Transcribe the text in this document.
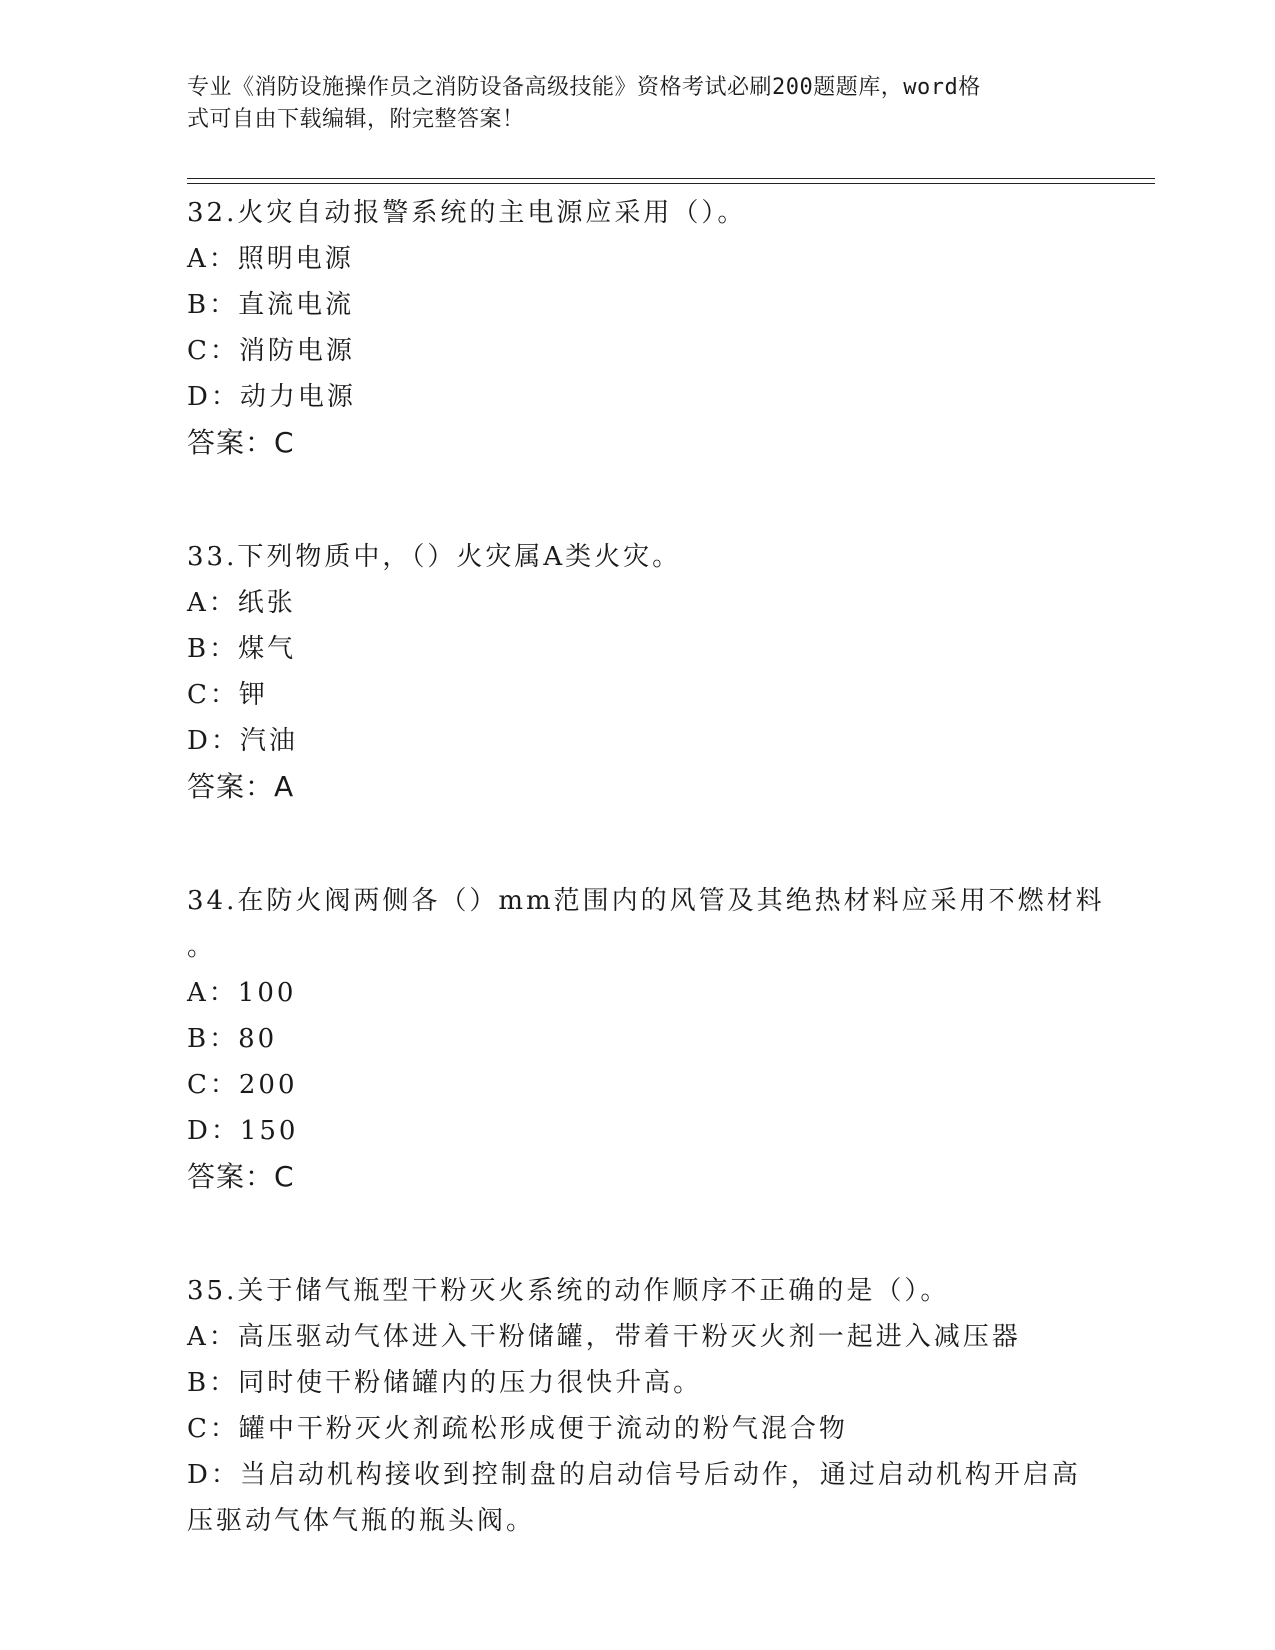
专业《消防设施操作员之消防设备高级技能》资格考试必刷200题题库，word格
式可自由下载编辑，附完整答案！
32.火灾自动报警系统的主电源应采用（）。
A：照明电源
B：直流电流
C：消防电源
D：动力电源
答案：C
33.下列物质中，（）火灾属A类火灾。
A：纸张
B：煤气
C：钾
D：汽油
答案：A
34.在防火阀两侧各（）mm范围内的风管及其绝热材料应采用不燃材料
。
A：100
B：80
C：200
D：150
答案：C
35.关于储气瓶型干粉灭火系统的动作顺序不正确的是（）。
A：高压驱动气体进入干粉储罐，带着干粉灭火剂一起进入减压器
B：同时使干粉储罐内的压力很快升高。
C：罐中干粉灭火剂疏松形成便于流动的粉气混合物
D：当启动机构接收到控制盘的启动信号后动作，通过启动机构开启高
压驱动气体气瓶的瓶头阀。
